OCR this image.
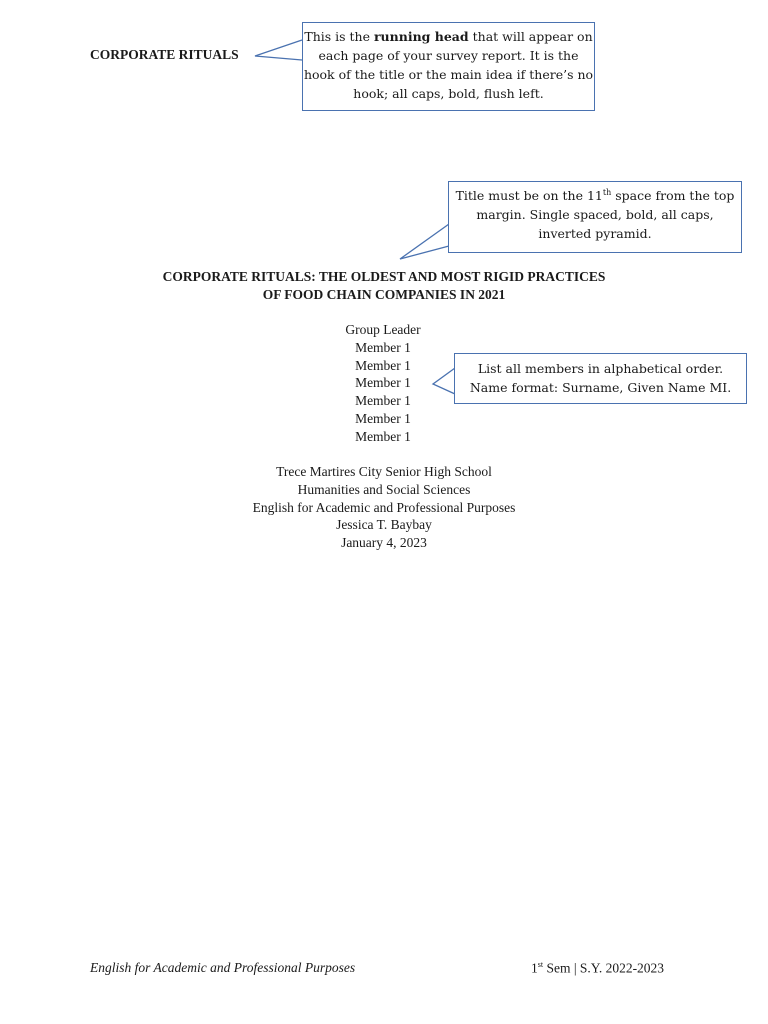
CORPORATE RITUALS
This is the running head that will appear on each page of your survey report. It is the hook of the title or the main idea if there’s no hook; all caps, bold, flush left.
Title must be on the 11th space from the top margin. Single spaced, bold, all caps, inverted pyramid.
List all members in alphabetical order.
Name format: Surname, Given Name MI.
CORPORATE RITUALS: THE OLDEST AND MOST RIGID PRACTICES
OF FOOD CHAIN COMPANIES IN 2021
Group Leader
Member 1
Member 1
Member 1
Member 1
Member 1
Member 1
Trece Martires City Senior High School
Humanities and Social Sciences
English for Academic and Professional Purposes
Jessica T. Baybay
January 4, 2023
English for Academic and Professional Purposes	1st Sem | S.Y. 2022-2023
